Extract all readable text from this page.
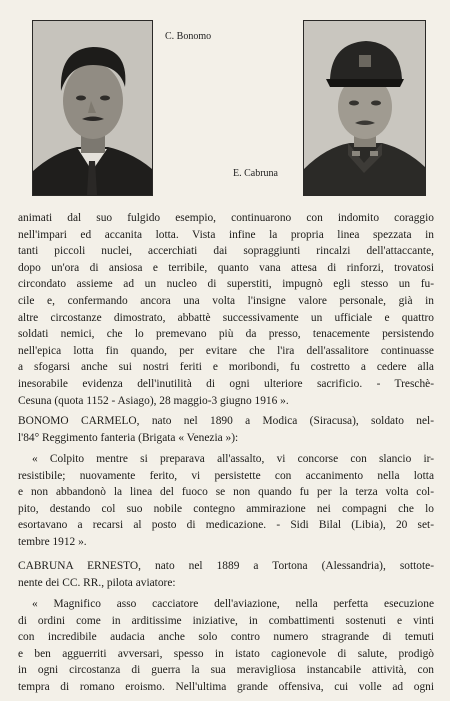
C. Bonomo
E. Cabruna
animati dal suo fulgido esempio, continuarono con indomito coraggio
nell'impari ed accanita lotta. Vista infine la propria linea spezzata in
tanti piccoli nuclei, accerchiati dai sopraggiunti rincalzi dell'attaccante,
dopo un'ora di ansiosa e terribile, quanto vana attesa di rinforzi, trovatosi
circondato assieme ad un nucleo di superstiti, impugnò egli stesso un fu-
cile e, confermando ancora una volta l'insigne valore personale, già in
altre circostanze dimostrato, abbattè successivamente un ufficiale e quattro
soldati nemici, che lo premevano più da presso, tenacemente persistendo
nell'epica lotta fin quando, per evitare che l'ira dell'assalitore continuasse
a sfogarsi anche sui nostri feriti e moribondi, fu costretto a cedere alla
inesorabile evidenza dell'inutilità di ogni ulteriore sacrificio. - Treschè-
Cesuna (quota 1152 - Asiago), 28 maggio-3 giugno 1916 ».
BONOMO CARMELO, nato nel 1890 a Modica (Siracusa), soldato nel-
l'84° Reggimento fanteria (Brigata « Venezia »):
« Colpito mentre si preparava all'assalto, vi concorse con slancio ir-
resistibile; nuovamente ferito, vi persistette con accanimento nella lotta
e non abbandonò la linea del fuoco se non quando fu per la terza volta col-
pito, destando col suo nobile contegno ammirazione nei compagni che lo
esortavano a recarsi al posto di medicazione. - Sidi Bilal (Libia), 20 set-
tembre 1912 ».
CABRUNA ERNESTO, nato nel 1889 a Tortona (Alessandria), sottote-
nente dei CC. RR., pilota aviatore:
« Magnifico asso cacciatore dell'aviazione, nella perfetta esecuzione
di ordini come in arditissime iniziative, in combattimenti sostenuti e vinti
con incredibile audacia anche solo contro numero stragrande di temuti
e ben agguerriti avversari, spesso in istato cagionevole di salute, prodigò
in ogni circostanza di guerra la sua meravigliosa instancabile attività, con
tempra di romano eroismo. Nell'ultima grande offensiva, cui volle ad ogni
